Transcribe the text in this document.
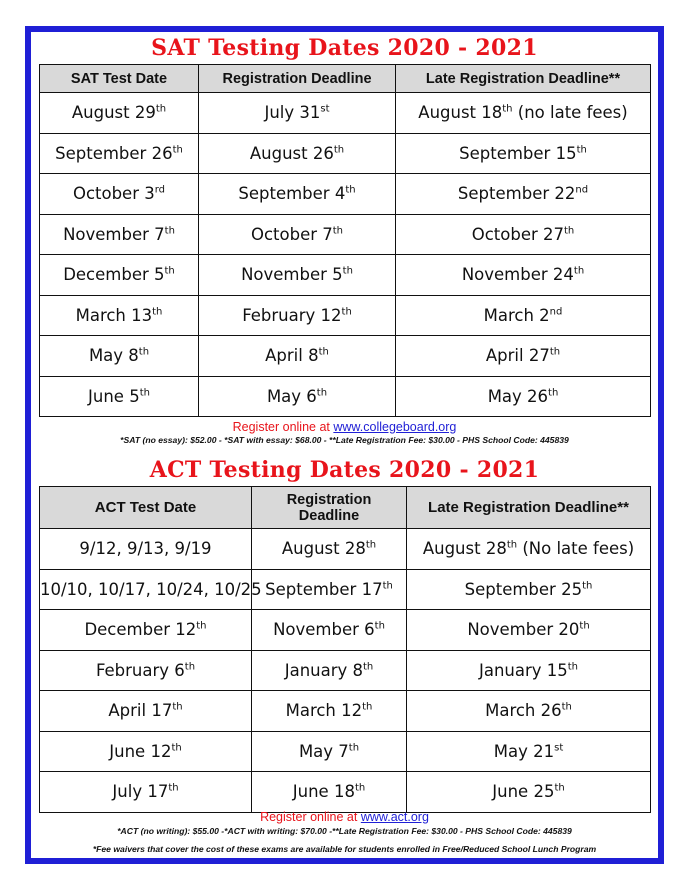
SAT Testing Dates 2020 - 2021
SAT Test Date	Registration Deadline	Late Registration Deadline**
August 29th	July 31st	August 18th (no late fees)
September 26th	August 26th	September 15th
October 3rd	September 4th	September 22nd
November 7th	October 7th	October 27th
December 5th	November 5th	November 24th
March 13th	February 12th	March 2nd
May 8th	April 8th	April 27th
June 5th	May 6th	May 26th
Register online at www.collegeboard.org
*SAT (no essay): $52.00 - *SAT with essay: $68.00 - **Late Registration Fee: $30.00 - PHS School Code: 445839
ACT Testing Dates 2020 - 2021
ACT Test Date	Registration Deadline	Late Registration Deadline**
9/12, 9/13, 9/19	August 28th	August 28th (No late fees)
10/10, 10/17, 10/24, 10/25	September 17th	September 25th
December 12th	November 6th	November 20th
February 6th	January 8th	January 15th
April 17th	March 12th	March 26th
June 12th	May 7th	May 21st
July 17th	June 18th	June 25th
Register online at www.act.org
*ACT (no writing): $55.00 -*ACT with writing: $70.00 -**Late Registration Fee: $30.00 - PHS School Code: 445839
*Fee waivers that cover the cost of these exams are available for students enrolled in Free/Reduced School Lunch Program
